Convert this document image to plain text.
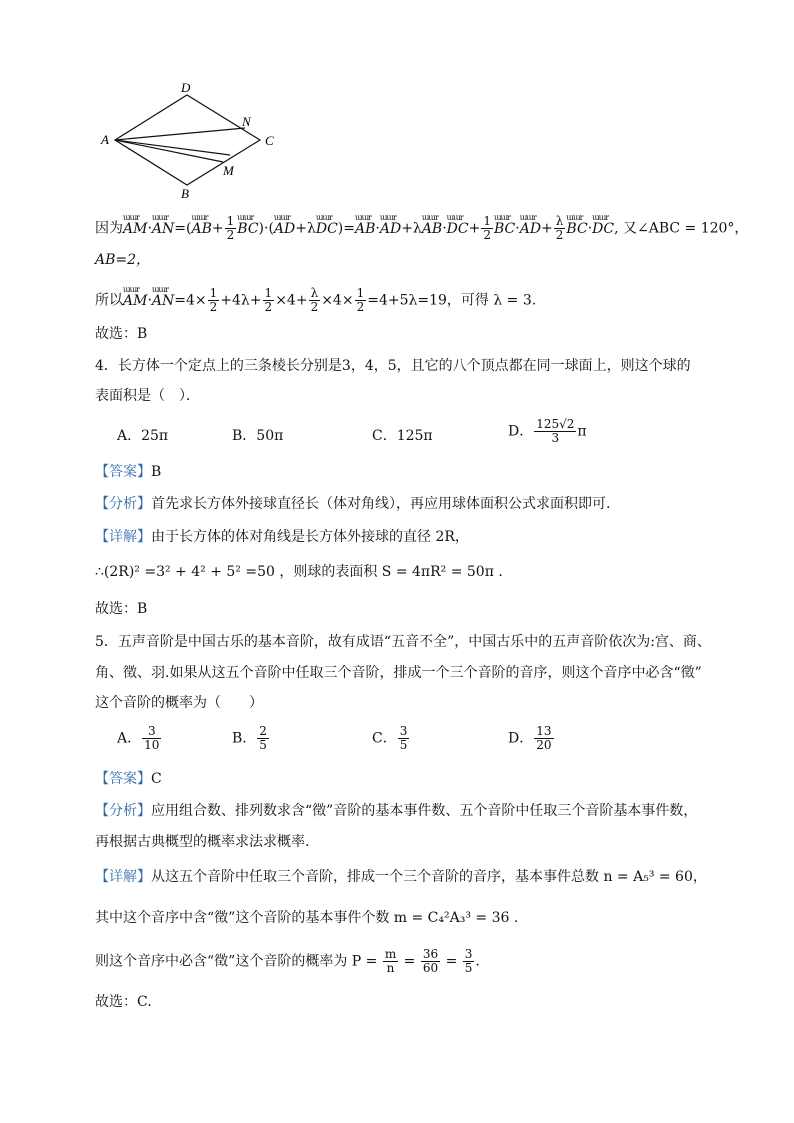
A
D
C
B
N
M
因为ɯɯr AM·ɯɯr AN=(ɯɯr $AB+ \frac{1}{2}$ ɯɯr BC)·(ɯɯr AD+λɯɯr DC)=ɯɯr AB·ɯɯr AD+λɯɯr AB·ɯɯr $DC+ \frac{1}{2}$ ɯɯr BC·ɯɯr $AD+ \frac{\lambda}{2}$ ɯɯr BC·ɯɯr DC, 又∠ABC = 120°，
AB=2，
所以ɯɯr AM·ɯɯr $AN=4\times \frac{1}{2} +4\lambda+ \frac{1}{2} \times 4+ \frac{\lambda}{2} \times 4\times \frac{1}{2} =4+5\lambda=19$，可得 λ = 3.
故选：B
4．长方体一个定点上的三条棱长分别是3，4，5，且它的八个顶点都在同一球面上，则这个球的
表面积是（　）．
A．25π	B．50π	C．125π	D． $\frac{125√2}{3}$ π
【答案】B
【分析】首先求长方体外接球直径长（体对角线），再应用球体面积公式求面积即可.
【详解】由于长方体的体对角线是长方体外接球的直径 2R，
∴(2R)² =3² + 4² + 5² =50 ，则球的表面积 S = 4πR² = 50π .
故选：B
5．五声音阶是中国古乐的基本音阶，故有成语“五音不全”，中国古乐中的五声音阶依次为:宫、商、
角、徵、羽.如果从这五个音阶中任取三个音阶，排成一个三个音阶的音序，则这个音序中必含“徵”
这个音阶的概率为（　　）
A． $\frac{3}{10}$	B． $\frac{2}{5}$	C． $\frac{3}{5}$	D． $\frac{13}{20}$
【答案】C
【分析】应用组合数、排列数求含“徵”音阶的基本事件数、五个音阶中任取三个音阶基本事件数，
再根据古典概型的概率求法求概率.
【详解】从这五个音阶中任取三个音阶，排成一个三个音阶的音序，基本事件总数 n = A₅³ = 60，
其中这个音序中含“徵”这个音阶的基本事件个数 m = C₄²A₃³ = 36 .
则这个音序中必含“徵”这个音阶的概率为 $P = \frac{m}{n} = \frac{36}{60} = \frac{3}{5}$ .
故选：C.
